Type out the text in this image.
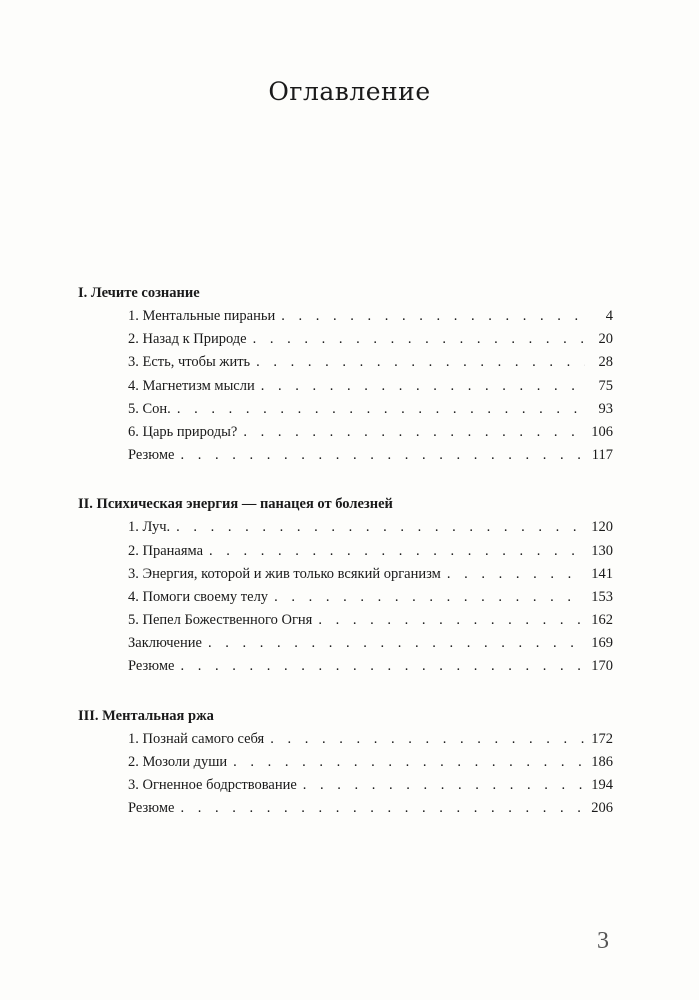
Оглавление
I. Лечите сознание
1. Ментальные пираньи . . .	4
2. Назад к Природе . . .	20
3. Есть, чтобы жить . . .	28
4. Магнетизм мысли . . .	75
5. Сон. . . .	93
6. Царь природы? . . .	106
Резюме . . .	117
II. Психическая энергия — панацея от болезней
1. Луч. . . .	120
2. Пранаяма . . .	130
3. Энергия, которой и жив только всякий организм . . .	141
4. Помоги своему телу . . .	153
5. Пепел Божественного Огня . . .	162
Заключение . . .	169
Резюме . . .	170
III. Ментальная ржа
1. Познай самого себя . . .	172
2. Мозоли души . . .	186
3. Огненное бодрствование . . .	194
Резюме . . .	206
3
